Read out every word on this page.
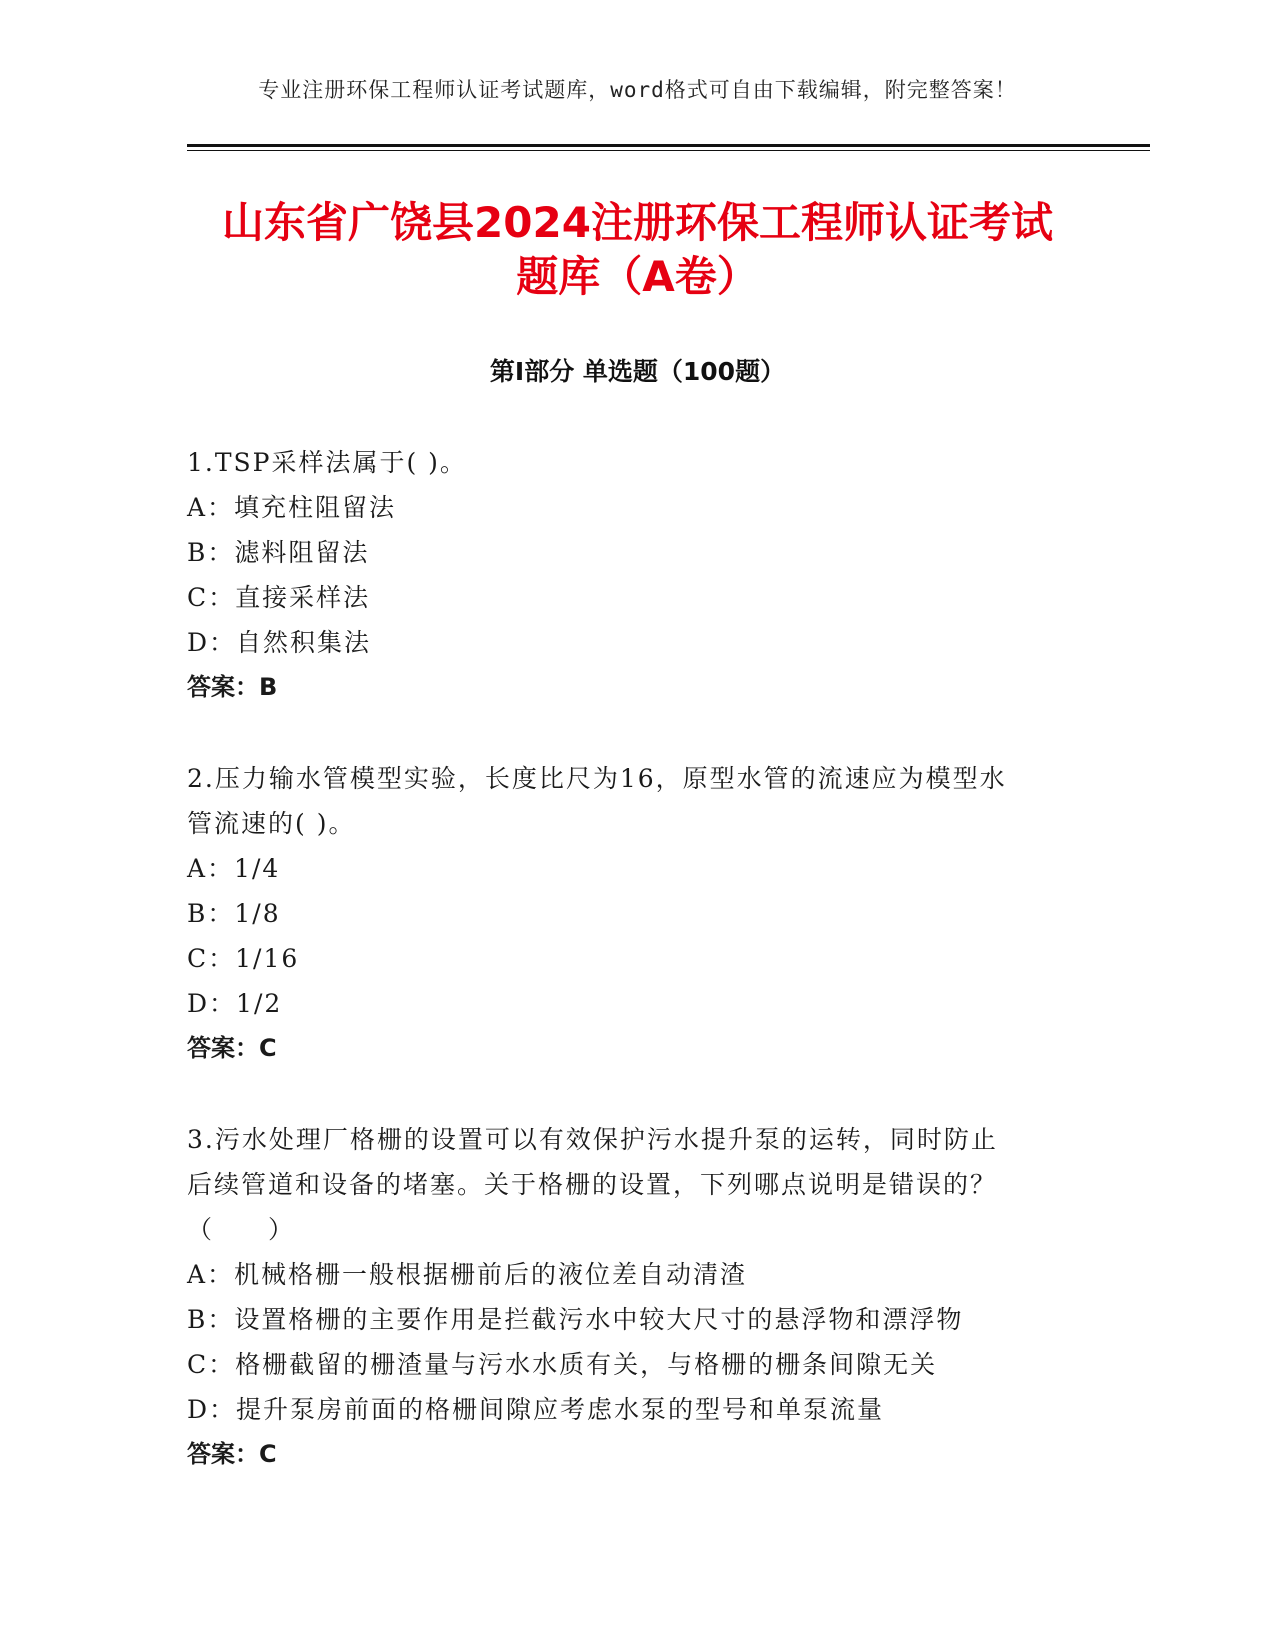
专业注册环保工程师认证考试题库，word格式可自由下载编辑，附完整答案！
山东省广饶县2024注册环保工程师认证考试
题库（A卷）
第Ⅰ部分 单选题（100题）
1.TSP采样法属于( )。
A：填充柱阻留法
B：滤料阻留法
C：直接采样法
D：自然积集法
答案：B
2.压力输水管模型实验，长度比尺为16，原型水管的流速应为模型水
管流速的( )。
A：1/4
B：1/8
C：1/16
D：1/2
答案：C
3.污水处理厂格栅的设置可以有效保护污水提升泵的运转，同时防止
后续管道和设备的堵塞。关于格栅的设置，下列哪点说明是错误的？
（　　）
A：机械格栅一般根据栅前后的液位差自动清渣
B：设置格栅的主要作用是拦截污水中较大尺寸的悬浮物和漂浮物
C：格栅截留的栅渣量与污水水质有关，与格栅的栅条间隙无关
D：提升泵房前面的格栅间隙应考虑水泵的型号和单泵流量
答案：C
